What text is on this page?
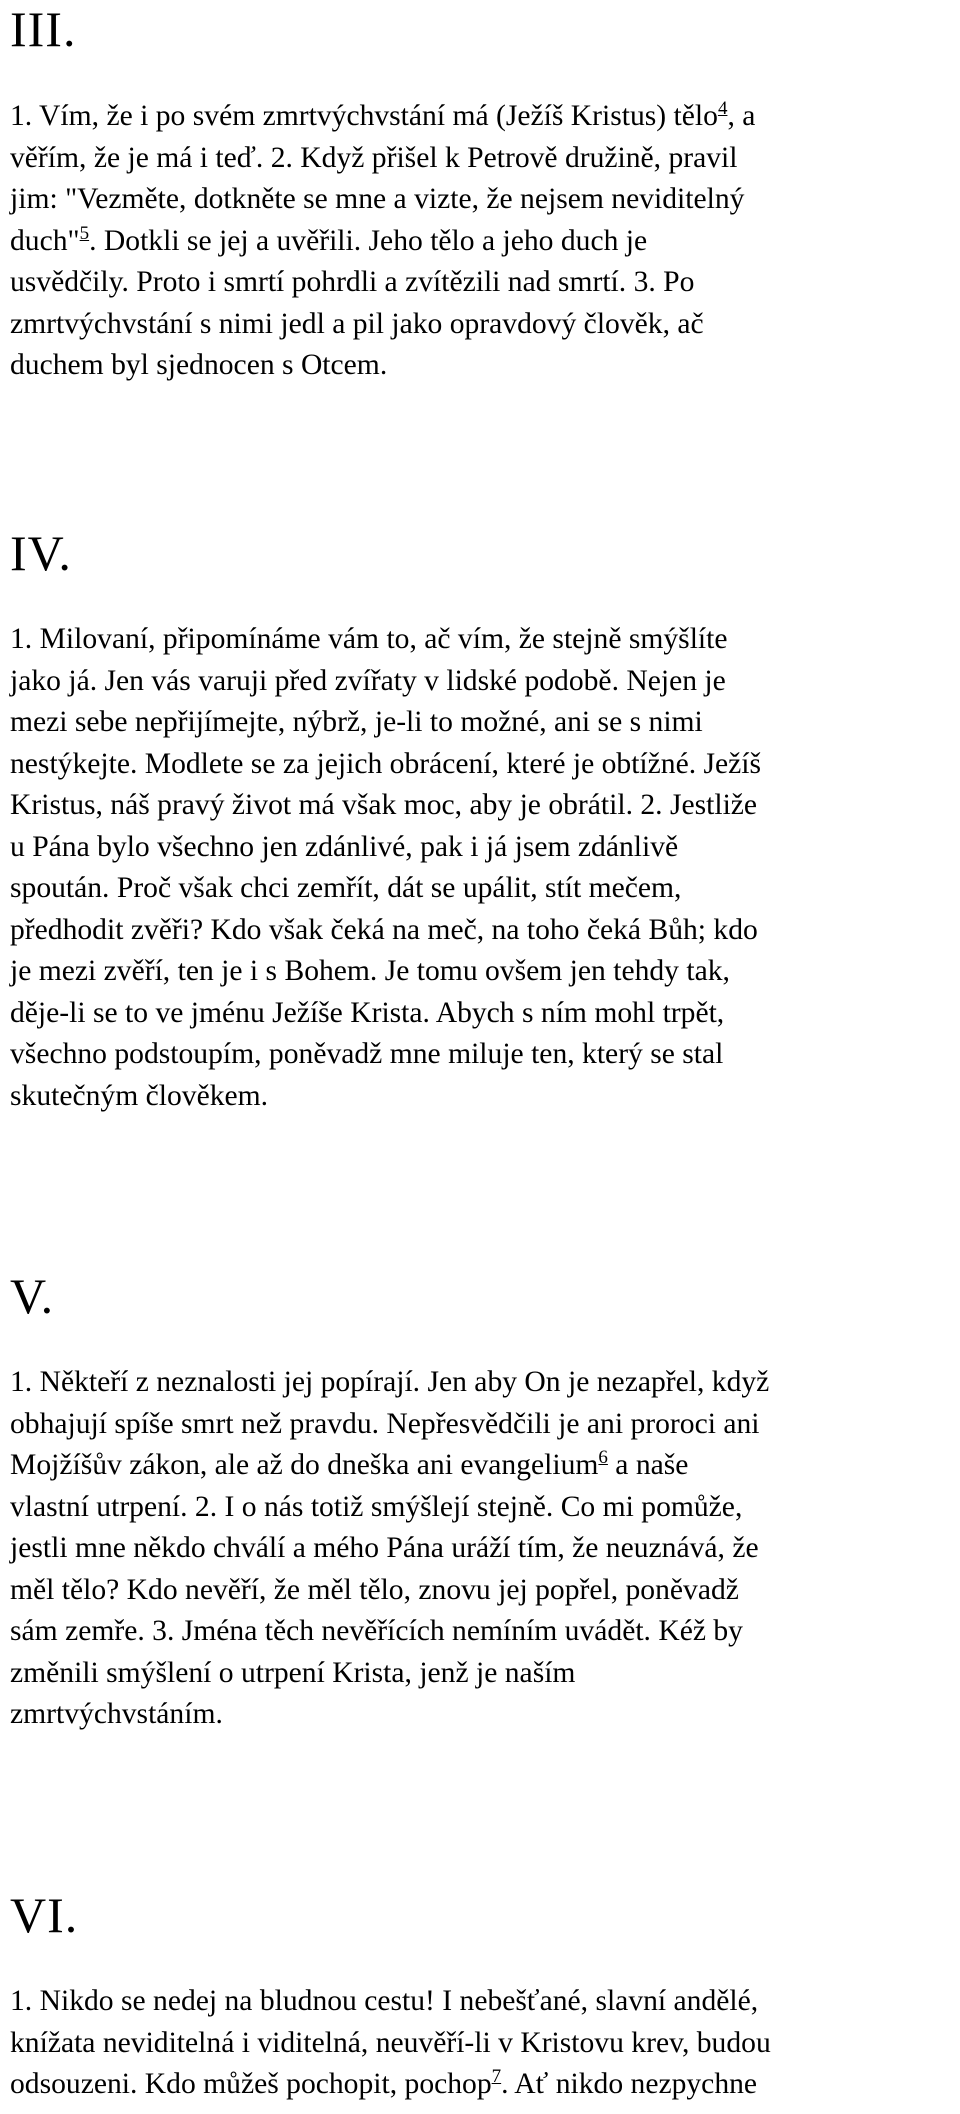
III.

1. Vím, že i po svém zmrtvýchvstání má (Ježíš Kristus) tělo$^4$, a
věřím, že je má i teď. 2. Když přišel k Petrově družině, pravil
jim: "Vezměte, dotkněte se mne a vizte, že nejsem neviditelný
duch"$^5$. Dotkli se jej a uvěřili. Jeho tělo a jeho duch je
usvědčily. Proto i smrtí pohrdli a zvítězili nad smrtí. 3. Po
zmrtvýchvstání s nimi jedl a pil jako opravdový člověk, ač
duchem byl sjednocen s Otcem.

IV.

1. Milovaní, připomínáme vám to, ač vím, že stejně smýšlíte
jako já. Jen vás varuji před zvířaty v lidské podobě. Nejen je
mezi sebe nepřijímejte, nýbrž, je-li to možné, ani se s nimi
nestýkejte. Modlete se za jejich obrácení, které je obtížné. Ježíš
Kristus, náš pravý život má však moc, aby je obrátil. 2. Jestliže
u Pána bylo všechno jen zdánlivé, pak i já jsem zdánlivě
spoután. Proč však chci zemřít, dát se upálit, stít mečem,
předhodit zvěři? Kdo však čeká na meč, na toho čeká Bůh; kdo
je mezi zvěří, ten je i s Bohem. Je tomu ovšem jen tehdy tak,
děje-li se to ve jménu Ježíše Krista. Abych s ním mohl trpět,
všechno podstoupím, poněvadž mne miluje ten, který se stal
skutečným člověkem.

V.

1. Někteří z neznalosti jej popírají. Jen aby On je nezapřel, když
obhajují spíše smrt než pravdu. Nepřesvědčili je ani proroci ani
Mojžíšův zákon, ale až do dneška ani evangelium$^6$ a naše
vlastní utrpení. 2. I o nás totiž smýšlejí stejně. Co mi pomůže,
jestli mne někdo chválí a mého Pána uráží tím, že neuznává, že
měl tělo? Kdo nevěří, že měl tělo, znovu jej popřel, poněvadž
sám zemře. 3. Jména těch nevěřících nemíním uvádět. Kéž by
změnili smýšlení o utrpení Krista, jenž je naším
zmrtvýchvstáním.

VI.

1. Nikdo se nedej na bludnou cestu! I nebešťané, slavní andělé,
knížata neviditelná i viditelná, neuvěří-li v Kristovu krev, budou
odsouzeni. Kdo můžeš pochopit, pochop$^7$. Ať nikdo nezpychne
